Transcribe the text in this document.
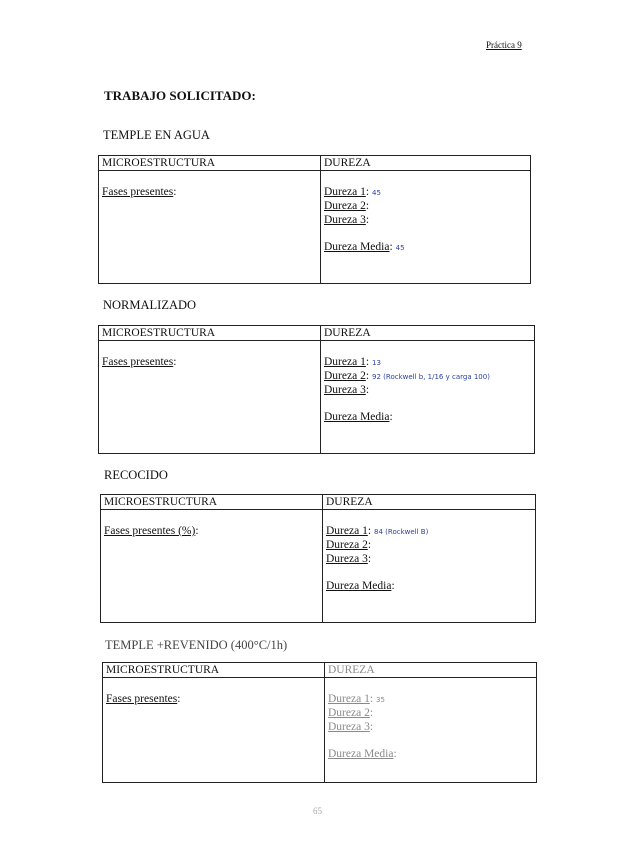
Práctica 9
TRABAJO SOLICITADO:
TEMPLE EN AGUA
MICROESTRUCTURA	DUREZA
Fases presentes:	Dureza 1: 45
Dureza 2:
Dureza 3:
Dureza Media: 45
NORMALIZADO
MICROESTRUCTURA	DUREZA
Fases presentes:	Dureza 1: 13
Dureza 2: 92 (Rockwell b, 1/16 y carga 100)
Dureza 3:
Dureza Media:
RECOCIDO
MICROESTRUCTURA	DUREZA
Fases presentes (%):	Dureza 1: 84 (Rockwell B)
Dureza 2:
Dureza 3:
Dureza Media:
TEMPLE +REVENIDO (400°C/1h)
MICROESTRUCTURA	DUREZA
Fases presentes:	Dureza 1: 35
Dureza 2:
Dureza 3:
Dureza Media:
65
